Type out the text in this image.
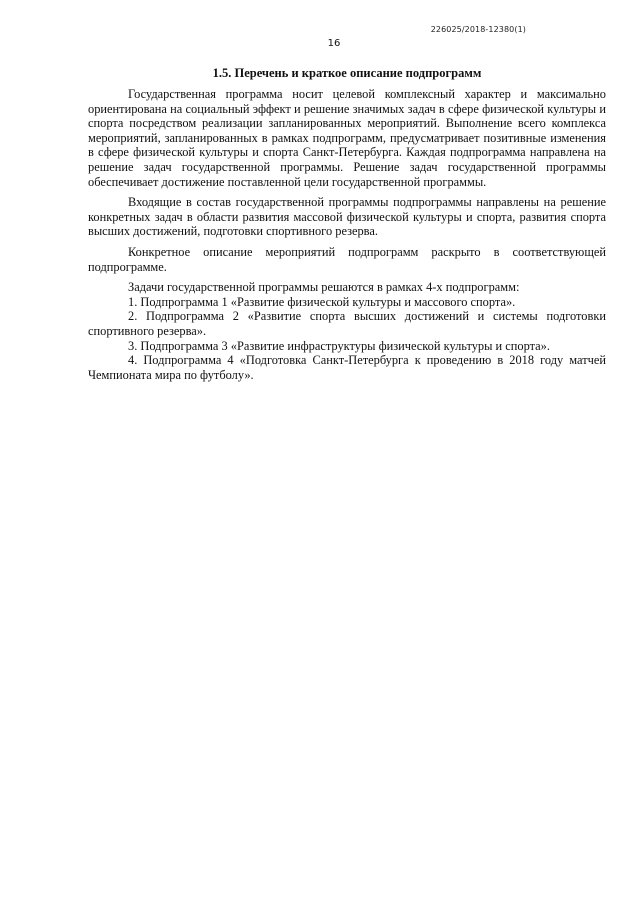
226025/2018-12380(1)
16
1.5. Перечень и краткое описание подпрограмм

Государственная программа носит целевой комплексный характер и максимально ориентирована на социальный эффект и решение значимых задач в сфере физической культуры и спорта посредством реализации запланированных мероприятий. Выполнение всего комплекса мероприятий, запланированных в рамках подпрограмм, предусматривает позитивные изменения в сфере физической культуры и спорта Санкт-Петербурга. Каждая подпрограмма направлена на решение задач государственной программы. Решение задач государственной программы обеспечивает достижение поставленной цели государственной программы.

Входящие в состав государственной программы подпрограммы направлены на решение конкретных задач в области развития массовой физической культуры и спорта, развития спорта высших достижений, подготовки спортивного резерва.

Конкретное описание мероприятий подпрограмм раскрыто в соответствующей подпрограмме.

Задачи государственной программы решаются в рамках 4-х подпрограмм:

1. Подпрограмма 1 «Развитие физической культуры и массового спорта».

2. Подпрограмма 2 «Развитие спорта высших достижений и системы подготовки спортивного резерва».

3. Подпрограмма 3 «Развитие инфраструктуры физической культуры и спорта».

4. Подпрограмма 4 «Подготовка Санкт-Петербурга к проведению в 2018 году матчей Чемпионата мира по футболу».
